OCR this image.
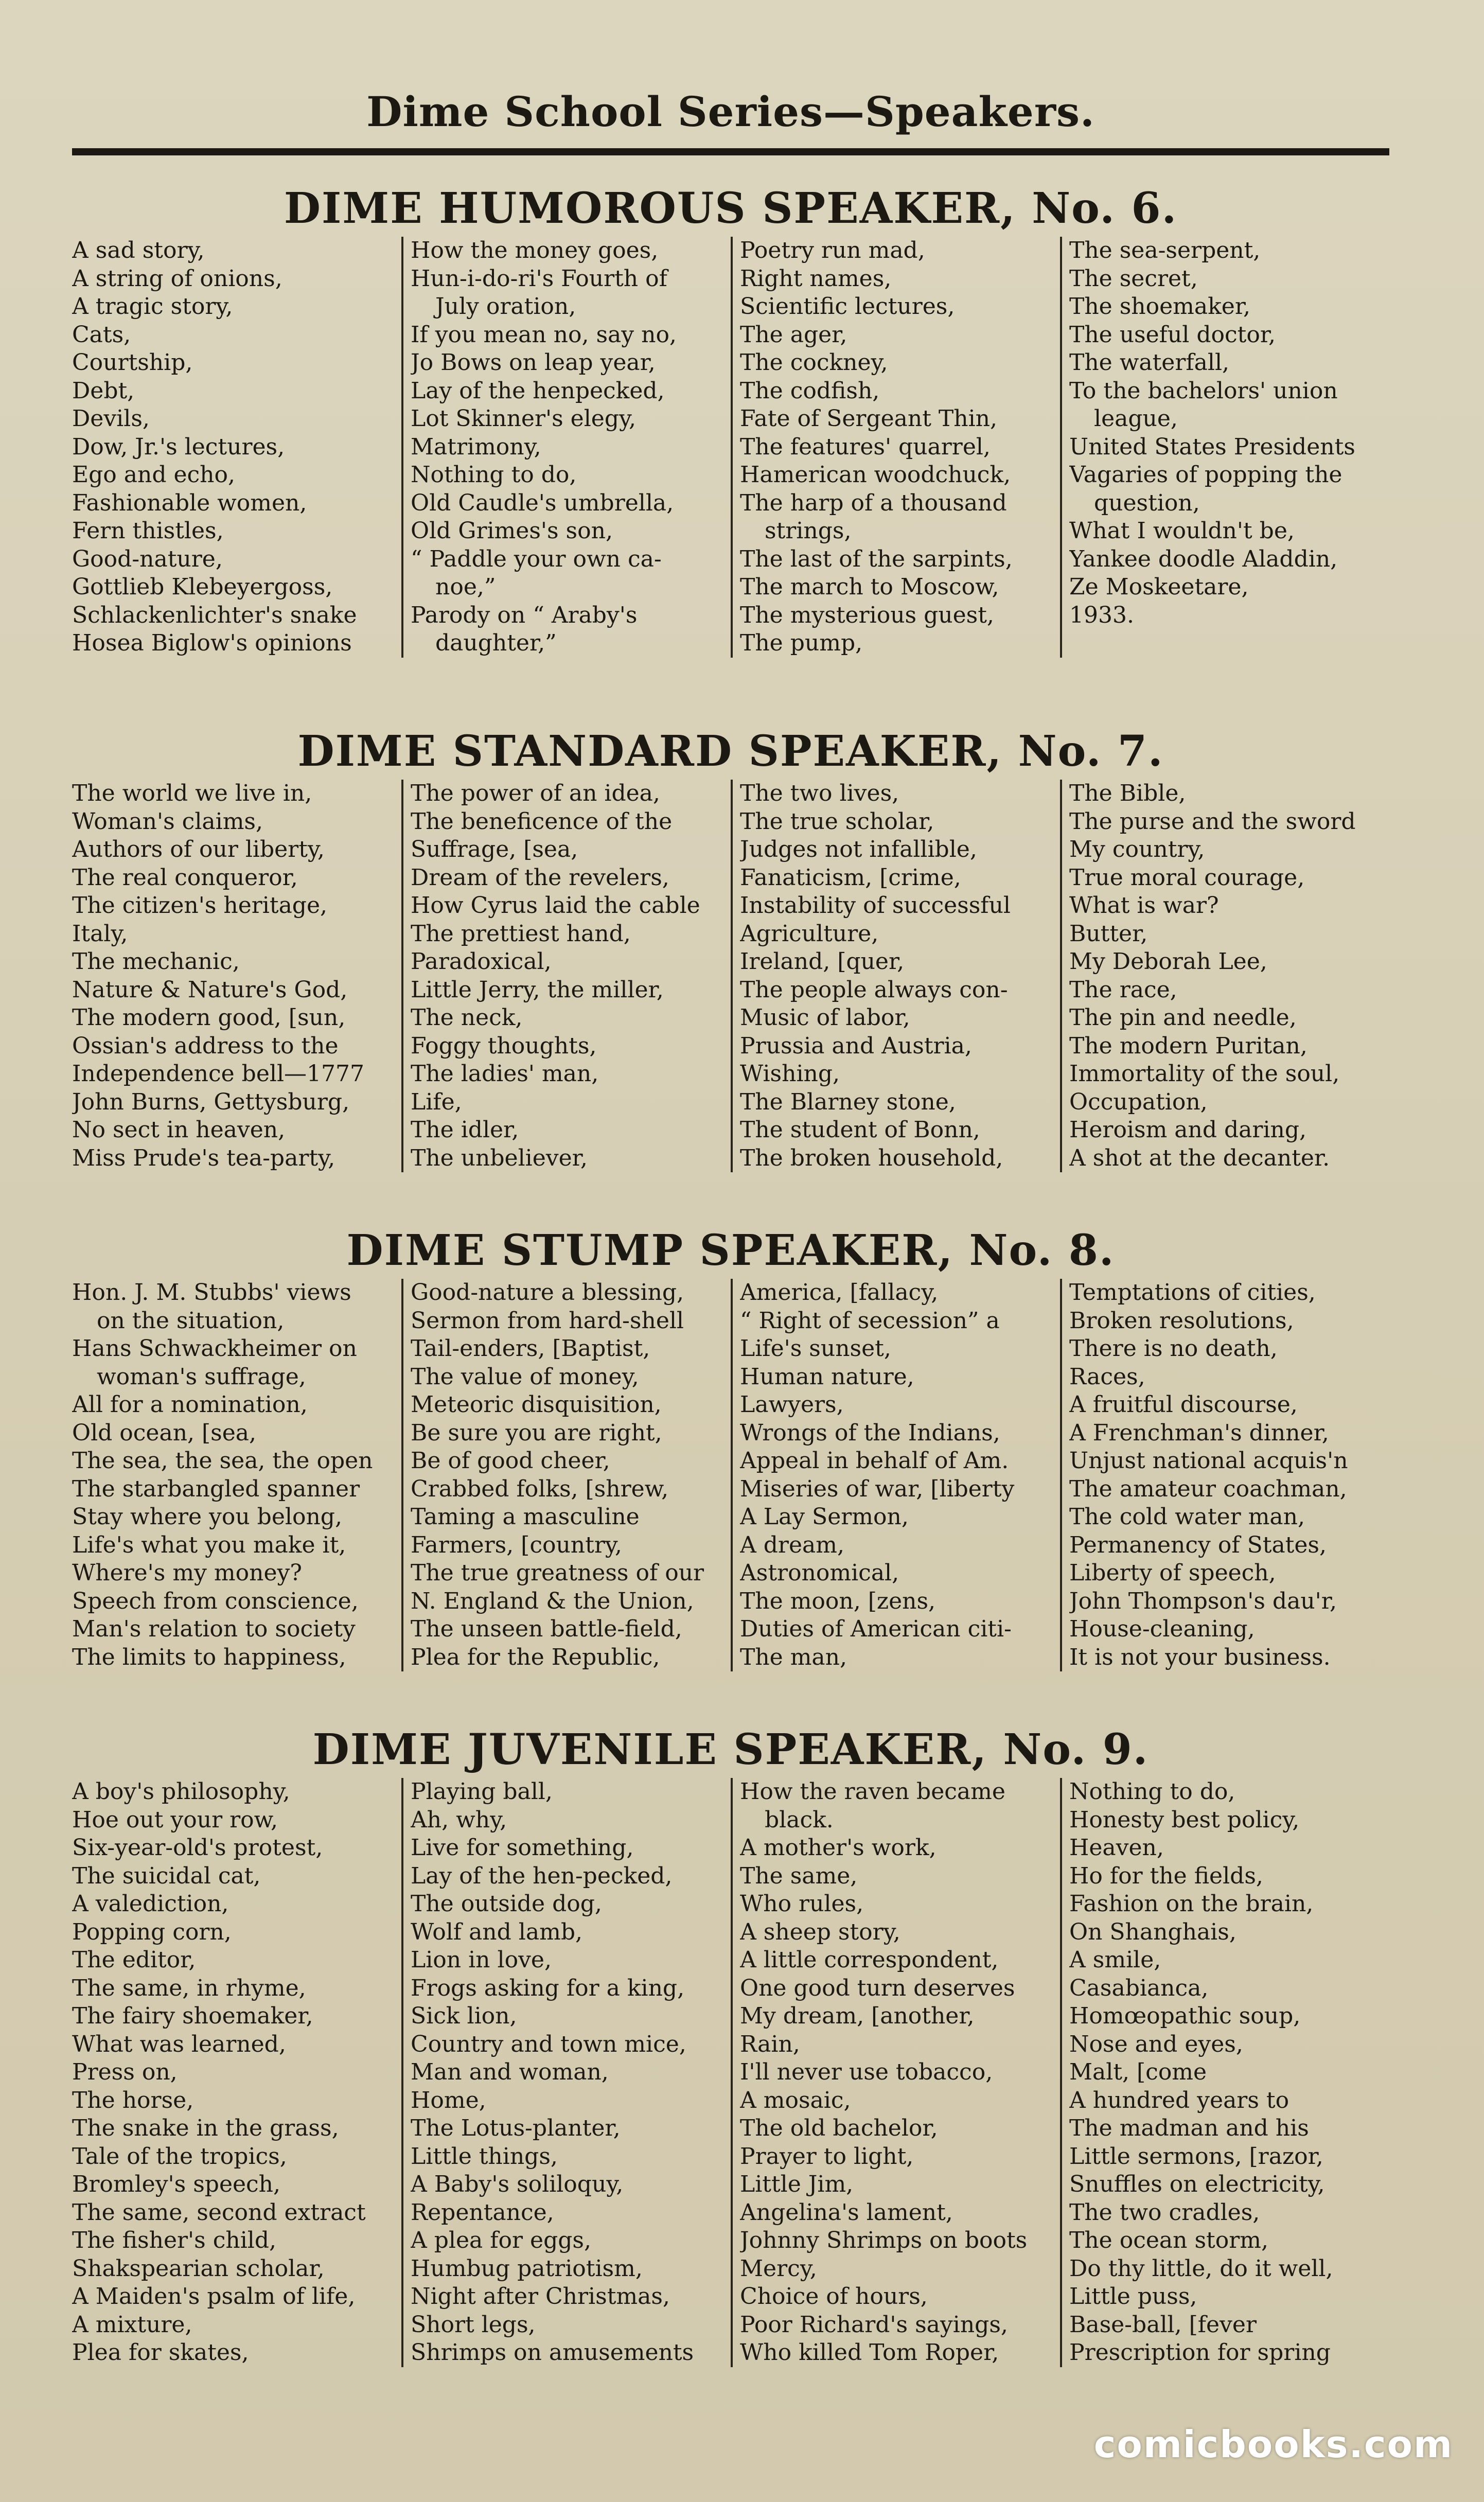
Dime School Series—Speakers.
DIME HUMOROUS SPEAKER, No. 6.
A sad story,
A string of onions,
A tragic story,
Cats,
Courtship,
Debt,
Devils,
Dow, Jr.'s lectures,
Ego and echo,
Fashionable women,
Fern thistles,
Good-nature,
Gottlieb Klebeyergoss,
Schlackenlichter's snake
Hosea Biglow's opinions
How the money goes,
Hun-i-do-ri's Fourth of
July oration,
If you mean no, say no,
Jo Bows on leap year,
Lay of the henpecked,
Lot Skinner's elegy,
Matrimony,
Nothing to do,
Old Caudle's umbrella,
Old Grimes's son,
“ Paddle your own ca-
noe,”
Parody on “ Araby's
daughter,”
Poetry run mad,
Right names,
Scientific lectures,
The ager,
The cockney,
The codfish,
Fate of Sergeant Thin,
The features' quarrel,
Hamerican woodchuck,
The harp of a thousand
strings,
The last of the sarpints,
The march to Moscow,
The mysterious guest,
The pump,
The sea-serpent,
The secret,
The shoemaker,
The useful doctor,
The waterfall,
To the bachelors' union
league,
United States Presidents
Vagaries of popping the
question,
What I wouldn't be,
Yankee doodle Aladdin,
Ze Moskeetare,
1933.
DIME STANDARD SPEAKER, No. 7.
The world we live in,
Woman's claims,
Authors of our liberty,
The real conqueror,
The citizen's heritage,
Italy,
The mechanic,
Nature & Nature's God,
The modern good, [sun,
Ossian's address to the
Independence bell—1777
John Burns, Gettysburg,
No sect in heaven,
Miss Prude's tea-party,
The power of an idea,
The beneficence of the
Suffrage, [sea,
Dream of the revelers,
How Cyrus laid the cable
The prettiest hand,
Paradoxical,
Little Jerry, the miller,
The neck,
Foggy thoughts,
The ladies' man,
Life,
The idler,
The unbeliever,
The two lives,
The true scholar,
Judges not infallible,
Fanaticism, [crime,
Instability of successful
Agriculture,
Ireland, [quer,
The people always con-
Music of labor,
Prussia and Austria,
Wishing,
The Blarney stone,
The student of Bonn,
The broken household,
The Bible,
The purse and the sword
My country,
True moral courage,
What is war?
Butter,
My Deborah Lee,
The race,
The pin and needle,
The modern Puritan,
Immortality of the soul,
Occupation,
Heroism and daring,
A shot at the decanter.
DIME STUMP SPEAKER, No. 8.
Hon. J. M. Stubbs' views
on the situation,
Hans Schwackheimer on
woman's suffrage,
All for a nomination,
Old ocean, [sea,
The sea, the sea, the open
The starbangled spanner
Stay where you belong,
Life's what you make it,
Where's my money?
Speech from conscience,
Man's relation to society
The limits to happiness,
Good-nature a blessing,
Sermon from hard-shell
Tail-enders, [Baptist,
The value of money,
Meteoric disquisition,
Be sure you are right,
Be of good cheer,
Crabbed folks, [shrew,
Taming a masculine
Farmers, [country,
The true greatness of our
N. England & the Union,
The unseen battle-field,
Plea for the Republic,
America, [fallacy,
“ Right of secession” a
Life's sunset,
Human nature,
Lawyers,
Wrongs of the Indians,
Appeal in behalf of Am.
Miseries of war, [liberty
A Lay Sermon,
A dream,
Astronomical,
The moon, [zens,
Duties of American citi-
The man,
Temptations of cities,
Broken resolutions,
There is no death,
Races,
A fruitful discourse,
A Frenchman's dinner,
Unjust national acquis'n
The amateur coachman,
The cold water man,
Permanency of States,
Liberty of speech,
John Thompson's dau'r,
House-cleaning,
It is not your business.
DIME JUVENILE SPEAKER, No. 9.
A boy's philosophy,
Hoe out your row,
Six-year-old's protest,
The suicidal cat,
A valediction,
Popping corn,
The editor,
The same, in rhyme,
The fairy shoemaker,
What was learned,
Press on,
The horse,
The snake in the grass,
Tale of the tropics,
Bromley's speech,
The same, second extract
The fisher's child,
Shakspearian scholar,
A Maiden's psalm of life,
A mixture,
Plea for skates,
Playing ball,
Ah, why,
Live for something,
Lay of the hen-pecked,
The outside dog,
Wolf and lamb,
Lion in love,
Frogs asking for a king,
Sick lion,
Country and town mice,
Man and woman,
Home,
The Lotus-planter,
Little things,
A Baby's soliloquy,
Repentance,
A plea for eggs,
Humbug patriotism,
Night after Christmas,
Short legs,
Shrimps on amusements
How the raven became
black.
A mother's work,
The same,
Who rules,
A sheep story,
A little correspondent,
One good turn deserves
My dream, [another,
Rain,
I'll never use tobacco,
A mosaic,
The old bachelor,
Prayer to light,
Little Jim,
Angelina's lament,
Johnny Shrimps on boots
Mercy,
Choice of hours,
Poor Richard's sayings,
Who killed Tom Roper,
Nothing to do,
Honesty best policy,
Heaven,
Ho for the fields,
Fashion on the brain,
On Shanghais,
A smile,
Casabianca,
Homœopathic soup,
Nose and eyes,
Malt, [come
A hundred years to
The madman and his
Little sermons, [razor,
Snuffles on electricity,
The two cradles,
The ocean storm,
Do thy little, do it well,
Little puss,
Base-ball, [fever
Prescription for spring
comicbooks.com
